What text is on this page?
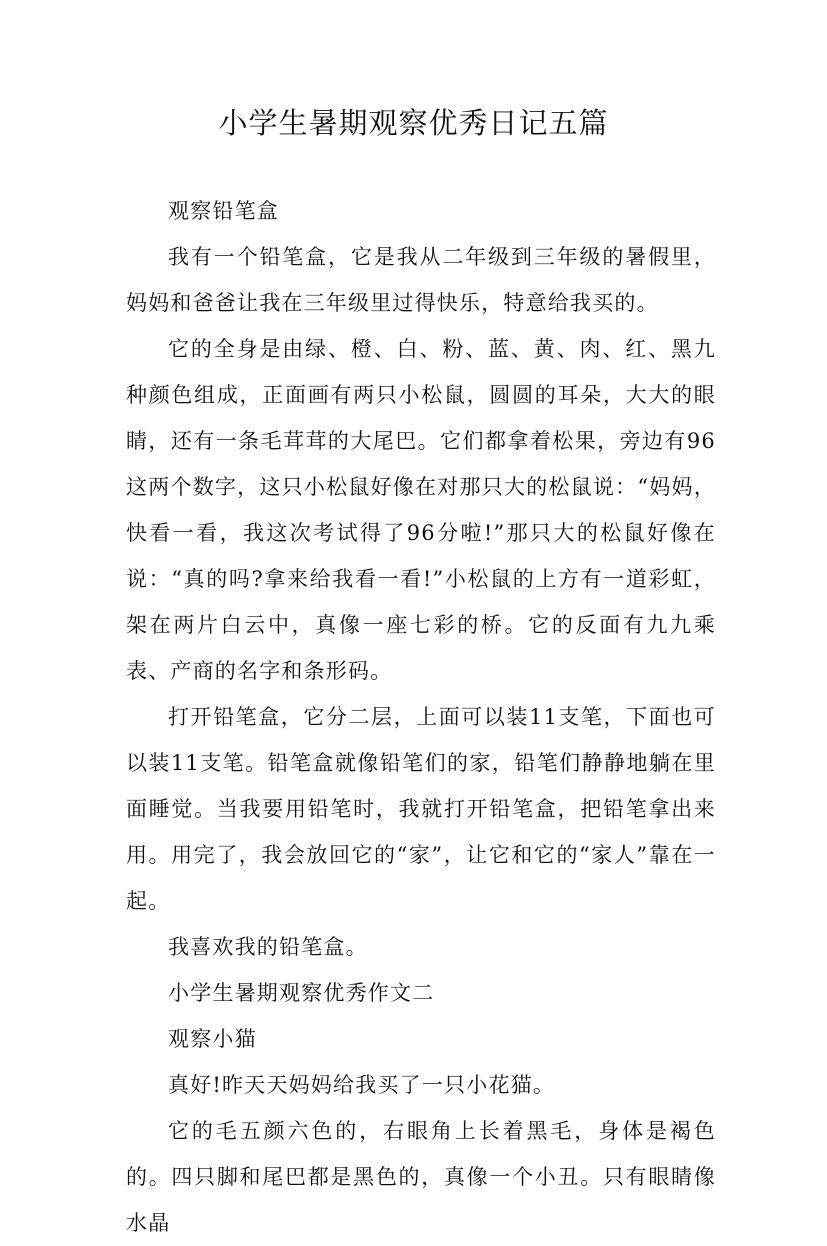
小学生暑期观察优秀日记五篇

观察铅笔盒

我有一个铅笔盒，它是我从二年级到三年级的暑假里，妈妈和爸爸让我在三年级里过得快乐，特意给我买的。

它的全身是由绿、橙、白、粉、蓝、黄、肉、红、黑九种颜色组成，正面画有两只小松鼠，圆圆的耳朵，大大的眼睛，还有一条毛茸茸的大尾巴。它们都拿着松果，旁边有96这两个数字，这只小松鼠好像在对那只大的松鼠说：“妈妈，快看一看，我这次考试得了96分啦!”那只大的松鼠好像在说：“真的吗?拿来给我看一看!”小松鼠的上方有一道彩虹，架在两片白云中，真像一座七彩的桥。它的反面有九九乘表、产商的名字和条形码。

打开铅笔盒，它分二层，上面可以装11支笔，下面也可以装11支笔。铅笔盒就像铅笔们的家，铅笔们静静地躺在里面睡觉。当我要用铅笔时，我就打开铅笔盒，把铅笔拿出来用。用完了，我会放回它的“家”，让它和它的“家人”靠在一起。

我喜欢我的铅笔盒。

小学生暑期观察优秀作文二

观察小猫

真好!昨天天妈妈给我买了一只小花猫。

它的毛五颜六色的，右眼角上长着黑毛，身体是褐色的。四只脚和尾巴都是黑色的，真像一个小丑。只有眼睛像水晶
